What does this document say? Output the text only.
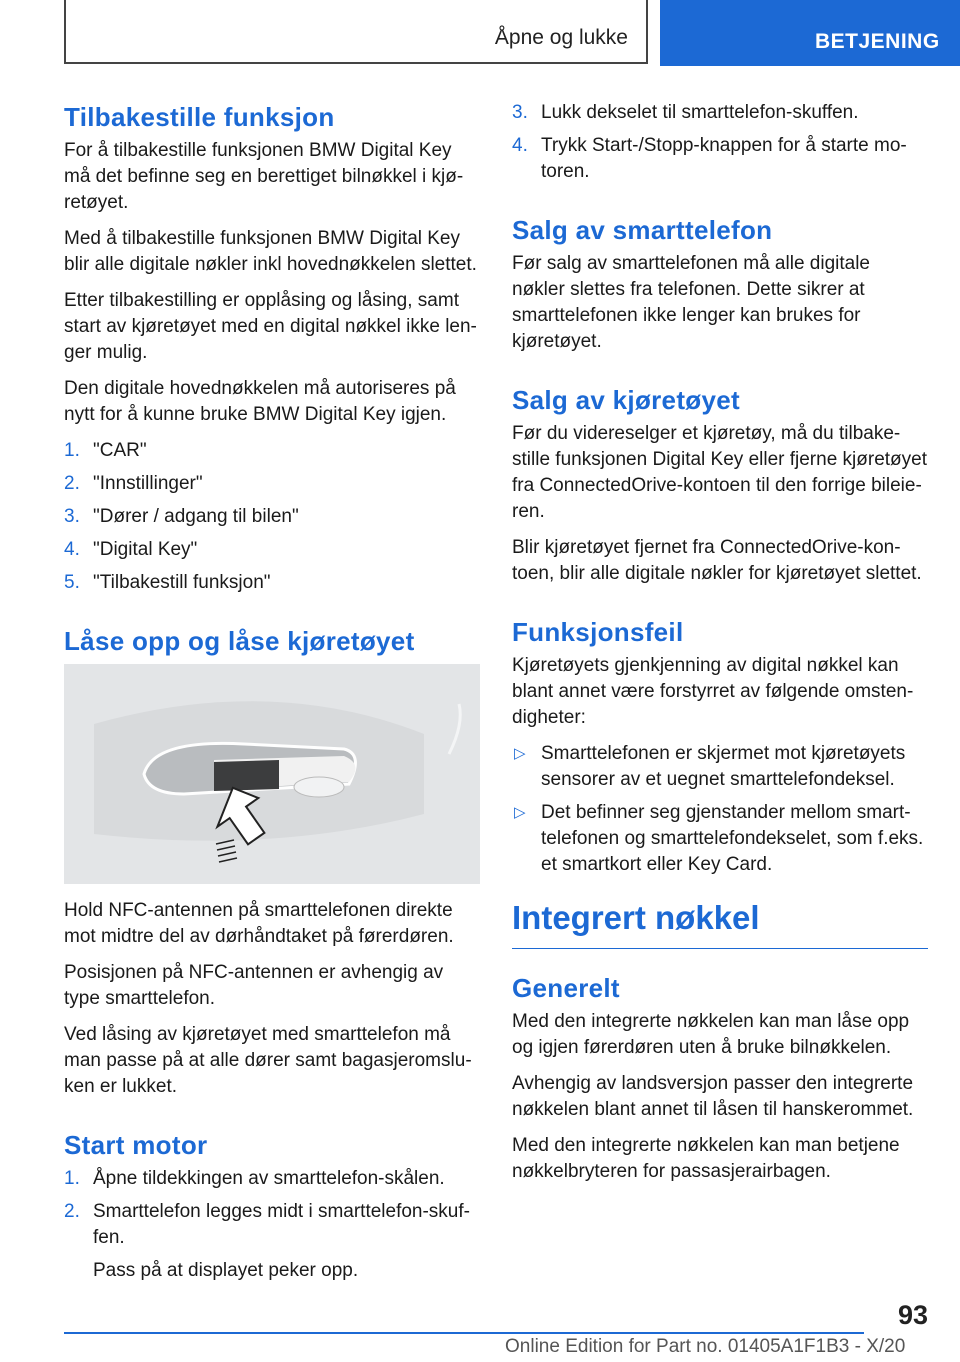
Åpne og lukke	BETJENING
Tilbakestille funksjon

For å tilbakestille funksjonen BMW Digital Key må det befinne seg en berettiget bilnøkkel i kjøretøyet.

Med å tilbakestille funksjonen BMW Digital Key blir alle digitale nøkler inkl hovednøkkelen slettet.

Etter tilbakestilling er opplåsing og låsing, samt start av kjøretøyet med en digital nøkkel ikke lenger mulig.

Den digitale hovednøkkelen må autoriseres på nytt for å kunne bruke BMW Digital Key igjen.

1. "CAR"
2. "Innstillinger"
3. "Dører / adgang til bilen"
4. "Digital Key"
5. "Tilbakestill funksjon"
Låse opp og låse kjøretøyet

Hold NFC-antennen på smarttelefonen direkte mot midtre del av dørhåndtaket på førerdøren.

Posisjonen på NFC-antennen er avhengig av type smarttelefon.

Ved låsing av kjøretøyet med smarttelefon må man passe på at alle dører samt bagasjeromsluken er lukket.

Start motor
1. Åpne tildekkingen av smarttelefon-skålen.
2. Smarttelefon legges midt i smarttelefon-skuffen.
Pass på at displayet peker opp.
3. Lukk dekselet til smarttelefon-skuffen.
4. Trykk Start-/Stopp-knappen for å starte motoren.
Salg av smarttelefon

Før salg av smarttelefonen må alle digitale nøkler slettes fra telefonen. Dette sikrer at smarttelefonen ikke lenger kan brukes for kjøretøyet.

Salg av kjøretøyet

Før du videreselger et kjøretøy, må du tilbakestille funksjonen Digital Key eller fjerne kjøretøyet fra ConnectedOrive-kontoen til den forrige bileieren.

Blir kjøretøyet fjernet fra ConnectedOrive-kontoen, blir alle digitale nøkler for kjøretøyet slettet.

Funksjonsfeil

Kjøretøyets gjenkjenning av digital nøkkel kan blant annet være forstyrret av følgende omstendigheter:

▷ Smarttelefonen er skjermet mot kjøretøyets sensorer av et uegnet smarttelefondeksel.
▷ Det befinner seg gjenstander mellom smarttelefonen og smarttelefondekselet, som f.eks. et smartkort eller Key Card.
Integrert nøkkel
Generelt

Med den integrerte nøkkelen kan man låse opp og igjen førerdøren uten å bruke bilnøkkelen.

Avhengig av landsversjon passer den integrerte nøkkelen blant annet til låsen til hanskerommet.

Med den integrerte nøkkelen kan man betjene nøkkelbryteren for passasjerairbagen.

93
Online Edition for Part no. 01405A1F1B3 - X/20
